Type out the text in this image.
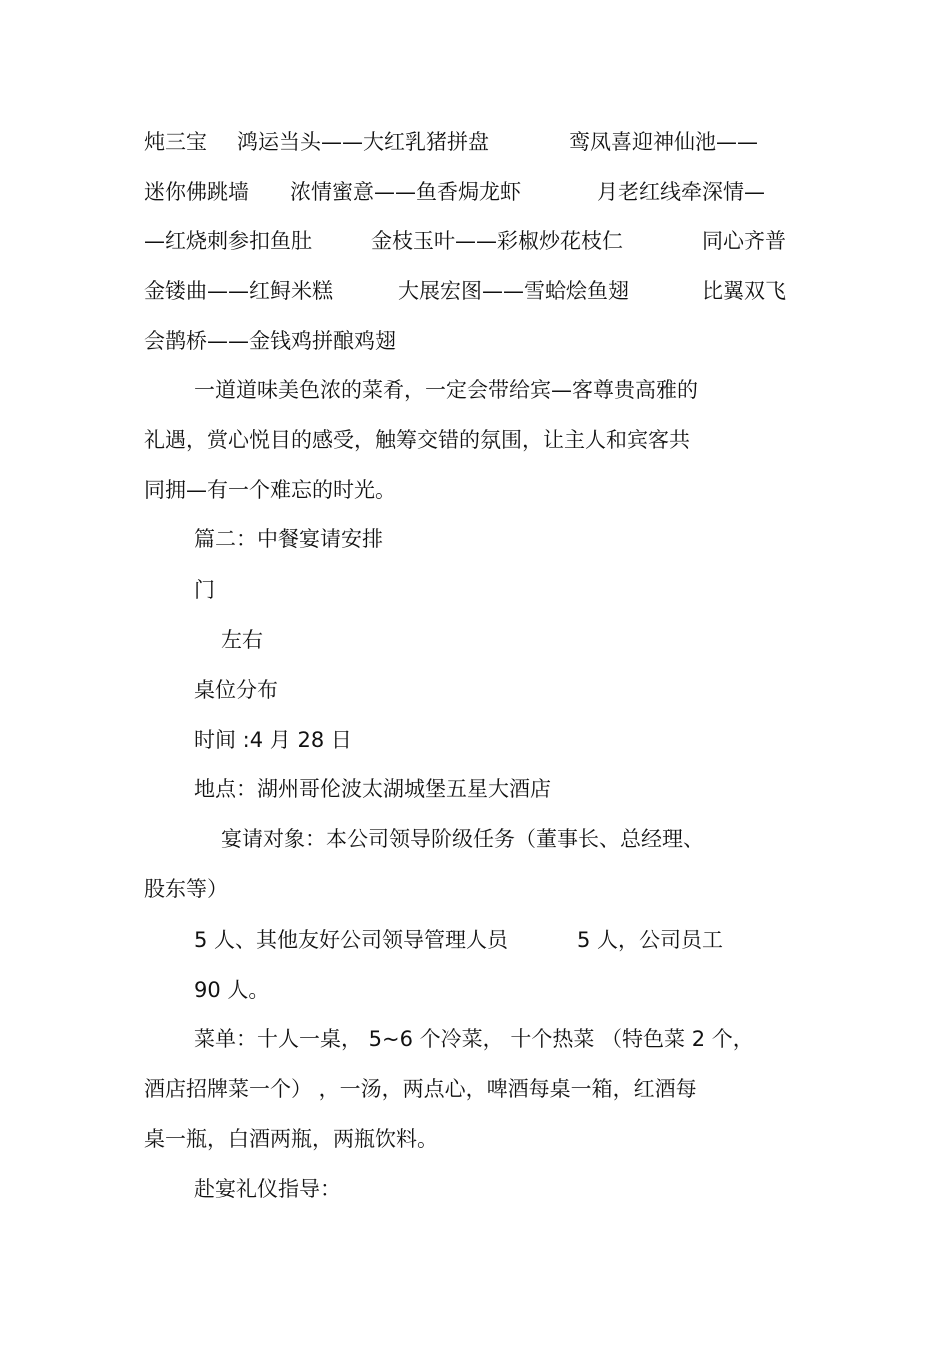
炖三宝 鸿运当头——大红乳猪拼盘	鸾凤喜迎神仙池——
迷你佛跳墙 浓情蜜意——鱼香焗龙虾	月老红线牵深情—
—红烧刺参扣鱼肚	金枝玉叶——彩椒炒花枝仁	同心齐普
金镂曲——红鲟米糕	大展宏图——雪蛤烩鱼翅	比翼双飞
会鹊桥——金钱鸡拼酿鸡翅
一道道味美色浓的菜肴，一定会带给宾—客尊贵高雅的
礼遇，赏心悦目的感受，触筹交错的氛围，让主人和宾客共
同拥—有一个难忘的时光。
篇二：中餐宴请安排
门
左右
桌位分布
时间 :4 月 28 日
地点：湖州哥伦波太湖城堡五星大酒店
宴请对象：本公司领导阶级任务（董事长、总经理、
股东等）
5 人、其他友好公司领导管理人员	5 人，公司员工
90 人。
菜单：十人一桌， 5~6 个冷菜， 十个热菜 （特色菜 2 个，
酒店招牌菜一个） ，一汤，两点心，啤酒每桌一箱，红酒每
桌一瓶，白酒两瓶，两瓶饮料。
赴宴礼仪指导：
